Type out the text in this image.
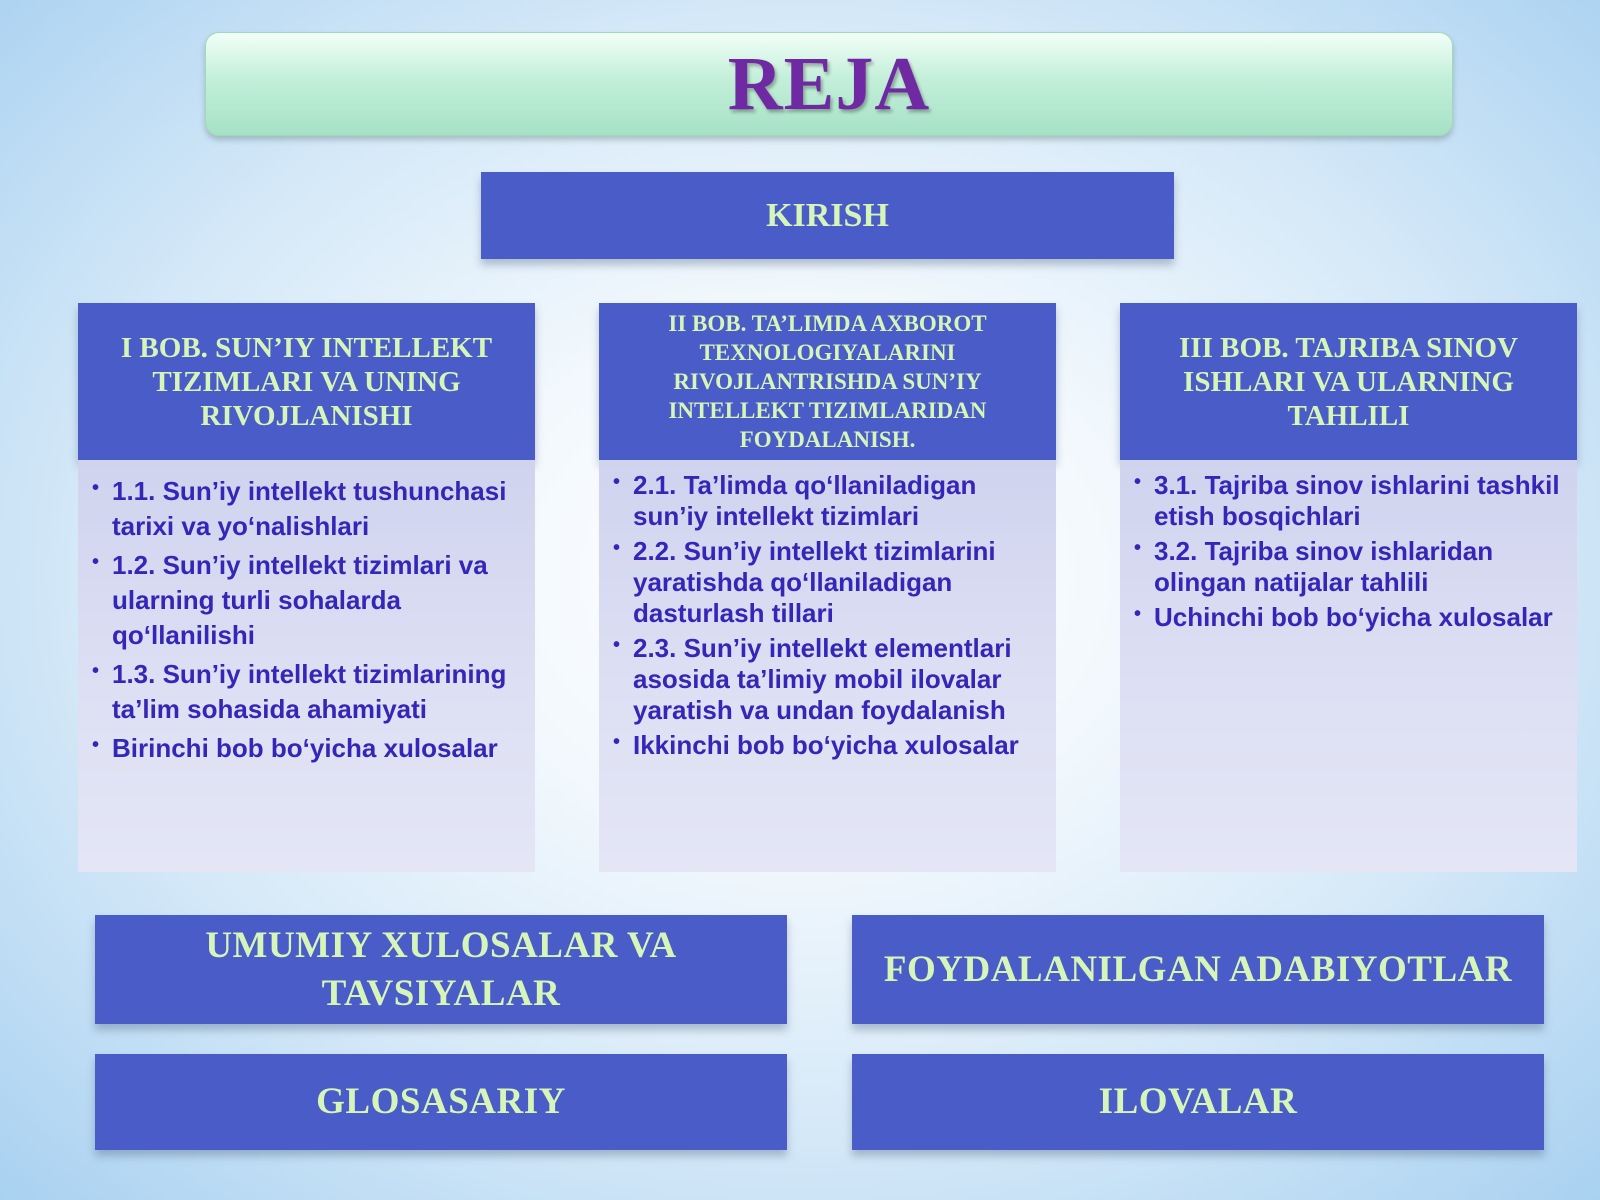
REJA
KIRISH
I BOB. SUN’IY INTELLEKT TIZIMLARI VA UNING RIVOJLANISHI
• 1.1. Sun’iy intellekt tushunchasi tarixi va yo‘nalishlari
• 1.2. Sun’iy intellekt tizimlari va ularning turli sohalarda qo‘llanilishi
• 1.3. Sun’iy intellekt tizimlarining ta’lim sohasida ahamiyati
• Birinchi bob bo‘yicha xulosalar
II BOB. TA’LIMDA AXBOROT TEXNOLOGIYALARINI RIVOJLANTRISHDA SUN’IY INTELLEKT TIZIMLARIDAN FOYDALANISH.
• 2.1. Ta’limda qo‘llaniladigan sun’iy intellekt tizimlari
• 2.2. Sun’iy intellekt tizimlarini yaratishda qo‘llaniladigan dasturlash tillari
• 2.3. Sun’iy intellekt elementlari asosida ta’limiy mobil ilovalar yaratish va undan foydalanish
• Ikkinchi bob bo‘yicha xulosalar
III BOB. TAJRIBA SINOV ISHLARI VA ULARNING TAHLILI
• 3.1. Tajriba sinov ishlarini tashkil etish bosqichlari
• 3.2. Tajriba sinov ishlaridan olingan natijalar tahlili
• Uchinchi bob bo‘yicha xulosalar
UMUMIY XULOSALAR VA TAVSIYALAR
FOYDALANILGAN ADABIYOTLAR
GLOSASARIY	ILOVALAR
